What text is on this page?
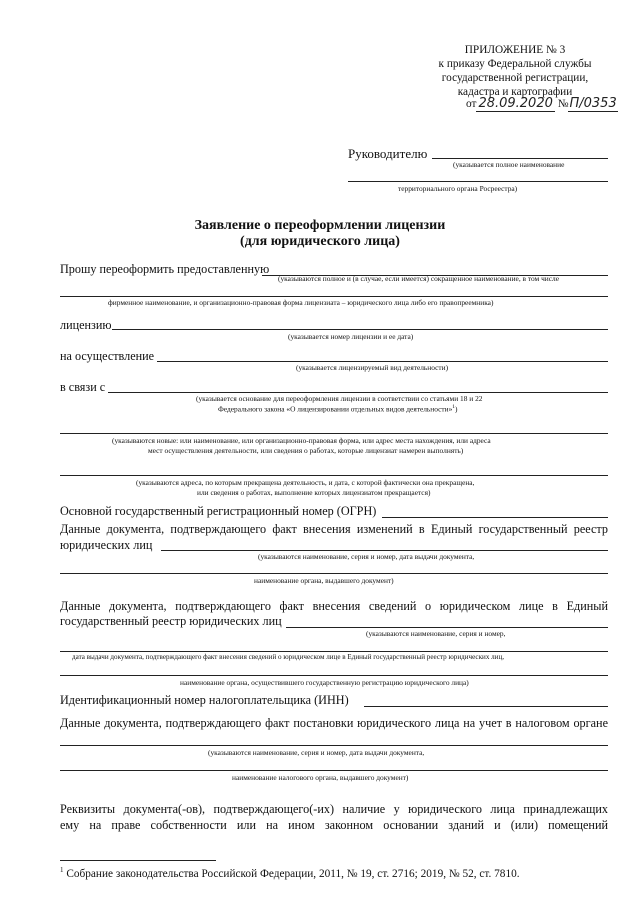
ПРИЛОЖЕНИЕ № 3
к приказу Федеральной службы
государственной регистрации,
кадастра и картографии
от 28.09.2020 №П/0353
Руководителю
(указывается полное наименование
территориального органа Росреестра)
Заявление о переоформлении лицензии
(для юридического лица)
Прошу переоформить предоставленную
(указываются полное и (в случае, если имеется) сокращенное наименование, в том числе
фирменное наименование, и организационно-правовая форма лицензиата – юридического лица либо его правопреемника)
лицензию
(указывается номер лицензии и ее дата)
на осуществление
(указывается лицензируемый вид деятельности)
в связи с
(указывается основание для переоформления лицензии в соответствии со статьями 18 и 22
Федерального закона «О лицензировании отдельных видов деятельности»$^1$)
(указываются новые: или наименование, или организационно-правовая форма, или адрес места нахождения, или адреса
мест осуществления деятельности, или сведения о работах, которые лицензиат намерен выполнять)
(указываются адреса, по которым прекращена деятельность, и дата, с которой фактически она прекращена,
или сведения о работах, выполнение которых лицензиатом прекращается)
Основной государственный регистрационный номер (ОГРН)
Данные документа, подтверждающего факт внесения изменений в Единый государственный реестр
юридических лиц
(указываются наименование, серия и номер, дата выдачи документа,
наименование органа, выдавшего документ)
Данные документа, подтверждающего факт внесения сведений о юридическом лице в Единый
государственный реестр юридических лиц
(указываются наименование, серия и номер,
дата выдачи документа, подтверждающего факт внесения сведений о юридическом лице в Единый государственный реестр юридических лиц,
наименование органа, осуществившего государственную регистрацию юридического лица)
Идентификационный номер налогоплательщика (ИНН)
Данные документа, подтверждающего факт постановки юридического лица на учет в налоговом органе
(указываются наименование, серия и номер, дата выдачи документа,
наименование налогового органа, выдавшего документ)
Реквизиты документа(-ов), подтверждающего(-их) наличие у юридического лица принадлежащих
ему на праве собственности или на ином законном основании зданий и (или) помещений
$^1$ Собрание законодательства Российской Федерации, 2011, № 19, ст. 2716; 2019, № 52, ст. 7810.
